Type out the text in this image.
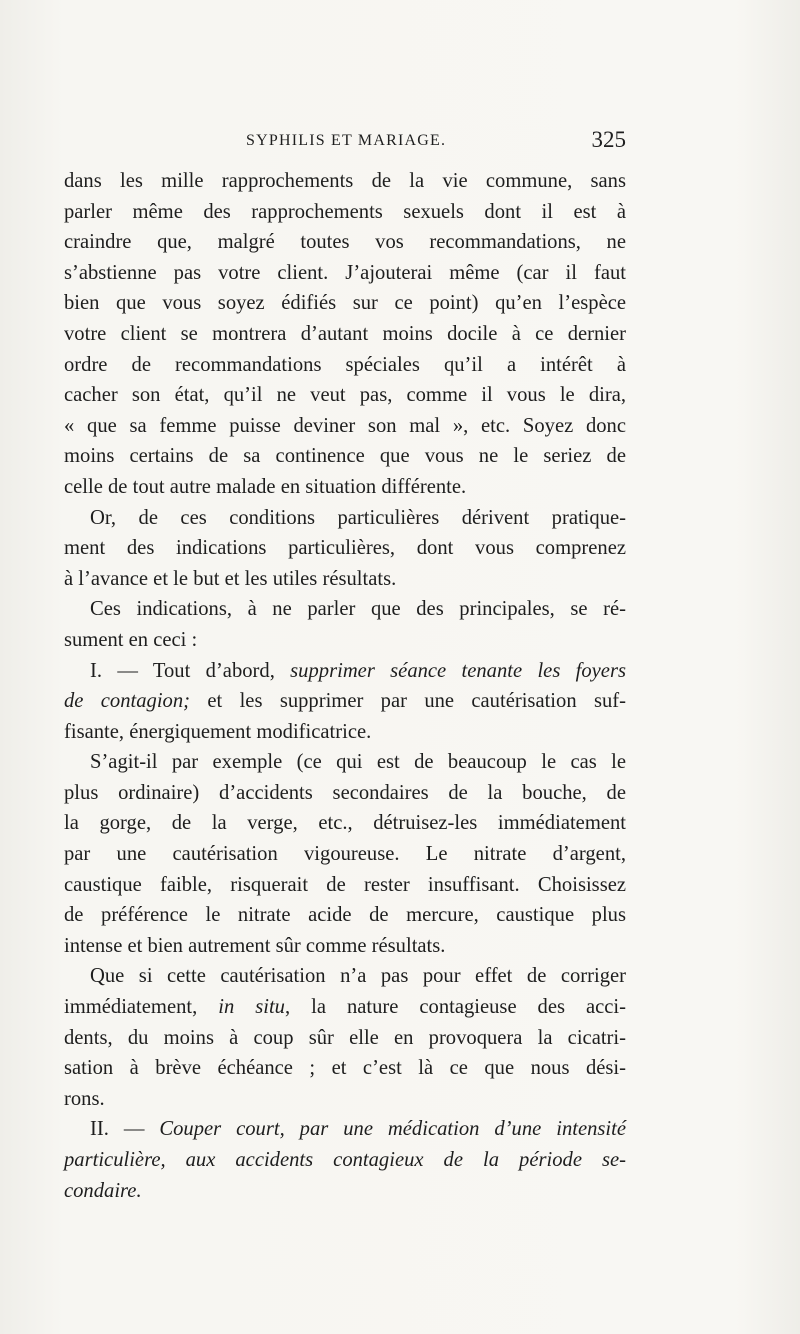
SYPHILIS ET MARIAGE.	325
dans les mille rapprochements de la vie commune, sans
parler même des rapprochements sexuels dont il est à
craindre que, malgré toutes vos recommandations, ne
s’abstienne pas votre client. J’ajouterai même (car il faut
bien que vous soyez édifiés sur ce point) qu’en l’espèce
votre client se montrera d’autant moins docile à ce dernier
ordre de recommandations spéciales qu’il a intérêt à
cacher son état, qu’il ne veut pas, comme il vous le dira,
« que sa femme puisse deviner son mal », etc. Soyez donc
moins certains de sa continence que vous ne le seriez de
celle de tout autre malade en situation différente.
Or, de ces conditions particulières dérivent pratique-
ment des indications particulières, dont vous comprenez
à l’avance et le but et les utiles résultats.
Ces indications, à ne parler que des principales, se ré-
sument en ceci :
I. — Tout d’abord, supprimer séance tenante les foyers
de contagion; et les supprimer par une cautérisation suf-
fisante, énergiquement modificatrice.
S’agit-il par exemple (ce qui est de beaucoup le cas le
plus ordinaire) d’accidents secondaires de la bouche, de
la gorge, de la verge, etc., détruisez-les immédiatement
par une cautérisation vigoureuse. Le nitrate d’argent,
caustique faible, risquerait de rester insuffisant. Choisissez
de préférence le nitrate acide de mercure, caustique plus
intense et bien autrement sûr comme résultats.
Que si cette cautérisation n’a pas pour effet de corriger
immédiatement, in situ, la nature contagieuse des acci-
dents, du moins à coup sûr elle en provoquera la cicatri-
sation à brève échéance ; et c’est là ce que nous dési-
rons.
II. — Couper court, par une médication d’une intensité
particulière, aux accidents contagieux de la période se-
condaire.
